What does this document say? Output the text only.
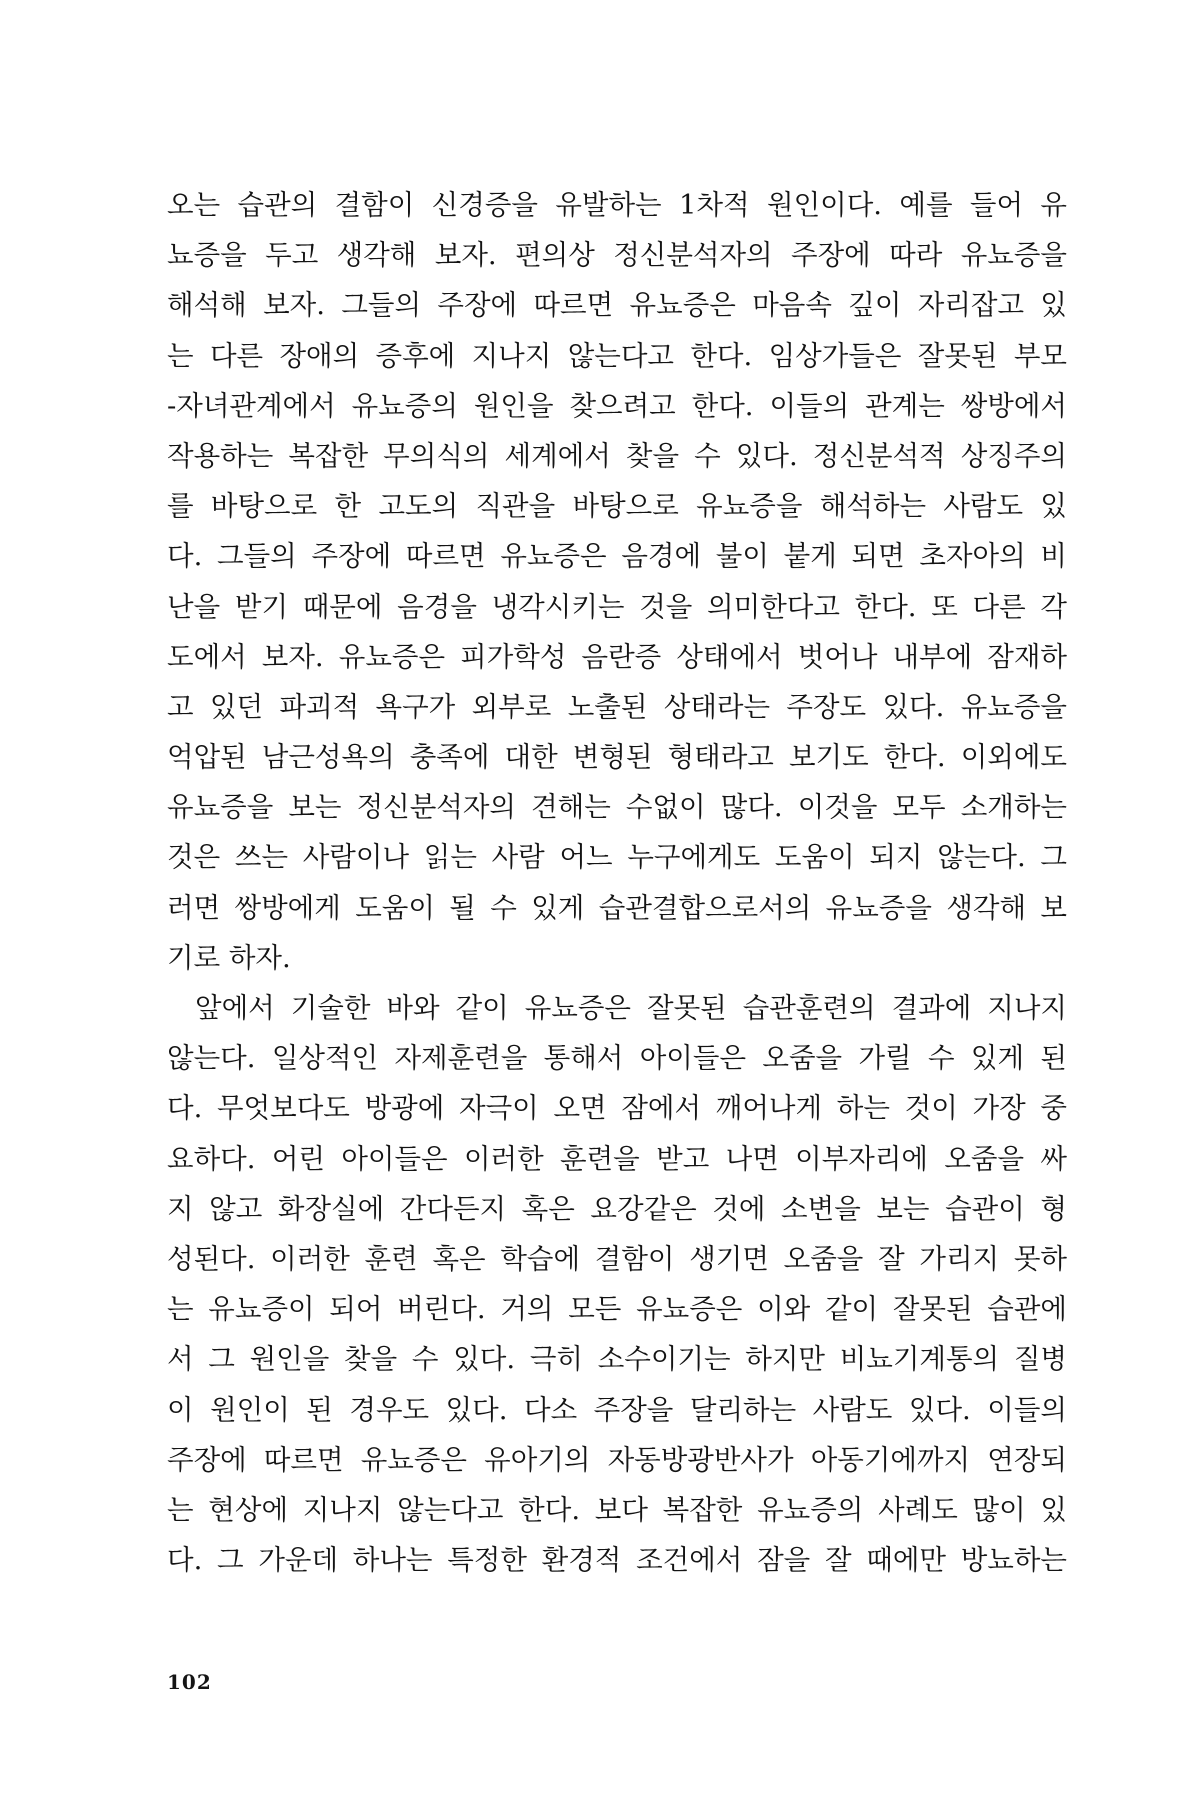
오는 습관의 결함이 신경증을 유발하는 1차적 원인이다. 예를 들어 유
뇨증을 두고 생각해 보자. 편의상 정신분석자의 주장에 따라 유뇨증을
해석해 보자. 그들의 주장에 따르면 유뇨증은 마음속 깊이 자리잡고 있
는 다른 장애의 증후에 지나지 않는다고 한다. 임상가들은 잘못된 부모
-자녀관계에서 유뇨증의 원인을 찾으려고 한다. 이들의 관계는 쌍방에서
작용하는 복잡한 무의식의 세계에서 찾을 수 있다. 정신분석적 상징주의
를 바탕으로 한 고도의 직관을 바탕으로 유뇨증을 해석하는 사람도 있
다. 그들의 주장에 따르면 유뇨증은 음경에 불이 붙게 되면 초자아의 비
난을 받기 때문에 음경을 냉각시키는 것을 의미한다고 한다. 또 다른 각
도에서 보자. 유뇨증은 피가학성 음란증 상태에서 벗어나 내부에 잠재하
고 있던 파괴적 욕구가 외부로 노출된 상태라는 주장도 있다. 유뇨증을
억압된 남근성욕의 충족에 대한 변형된 형태라고 보기도 한다. 이외에도
유뇨증을 보는 정신분석자의 견해는 수없이 많다. 이것을 모두 소개하는
것은 쓰는 사람이나 읽는 사람 어느 누구에게도 도움이 되지 않는다. 그
러면 쌍방에게 도움이 될 수 있게 습관결합으로서의 유뇨증을 생각해 보
기로 하자.
앞에서 기술한 바와 같이 유뇨증은 잘못된 습관훈련의 결과에 지나지
않는다. 일상적인 자제훈련을 통해서 아이들은 오줌을 가릴 수 있게 된
다. 무엇보다도 방광에 자극이 오면 잠에서 깨어나게 하는 것이 가장 중
요하다. 어린 아이들은 이러한 훈련을 받고 나면 이부자리에 오줌을 싸
지 않고 화장실에 간다든지 혹은 요강같은 것에 소변을 보는 습관이 형
성된다. 이러한 훈련 혹은 학습에 결함이 생기면 오줌을 잘 가리지 못하
는 유뇨증이 되어 버린다. 거의 모든 유뇨증은 이와 같이 잘못된 습관에
서 그 원인을 찾을 수 있다. 극히 소수이기는 하지만 비뇨기계통의 질병
이 원인이 된 경우도 있다. 다소 주장을 달리하는 사람도 있다. 이들의
주장에 따르면 유뇨증은 유아기의 자동방광반사가 아동기에까지 연장되
는 현상에 지나지 않는다고 한다. 보다 복잡한 유뇨증의 사례도 많이 있
다. 그 가운데 하나는 특정한 환경적 조건에서 잠을 잘 때에만 방뇨하는
102
